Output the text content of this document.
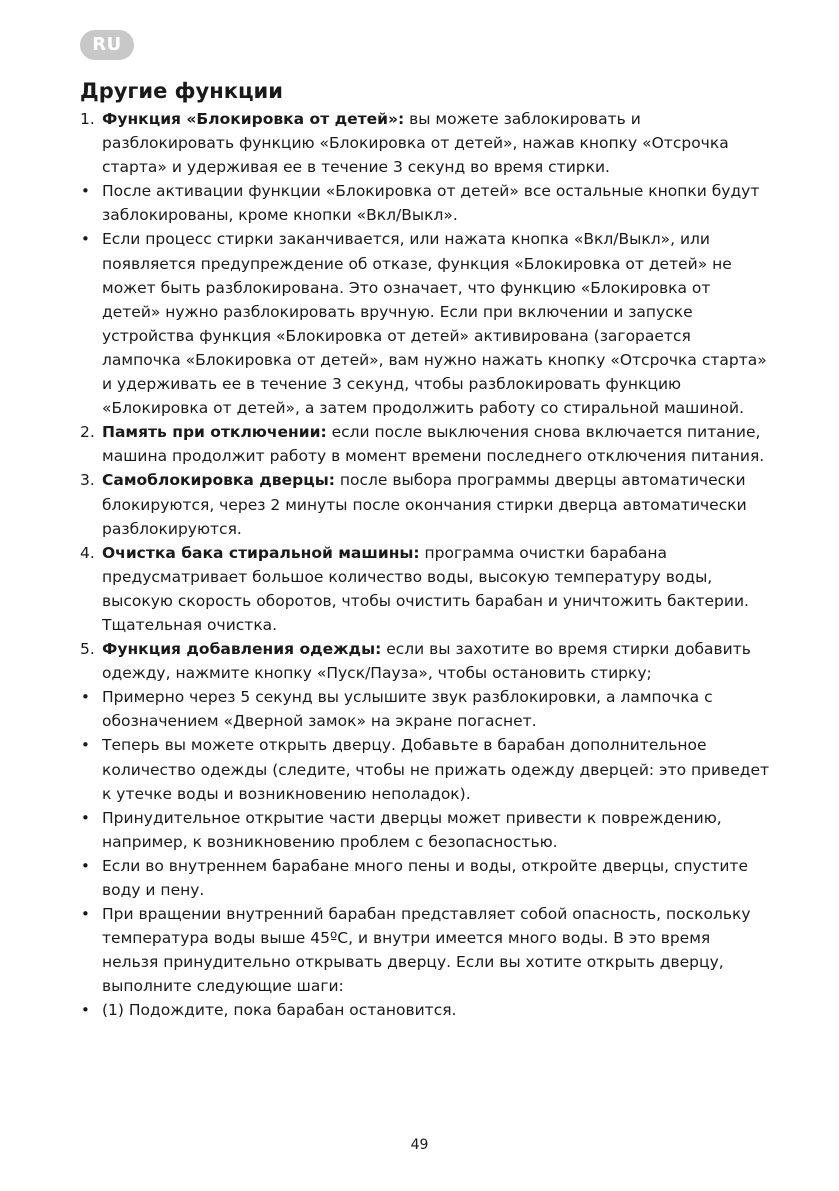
RU
Другие функции

1. Функция «Блокировка от детей»: вы можете заблокировать и разблокировать функцию «Блокировка от детей», нажав кнопку «Отсрочка старта» и удерживая ее в течение 3 секунд во время стирки.

• После активации функции «Блокировка от детей» все остальные кнопки будут заблокированы, кроме кнопки «Вкл/Выкл».

• Если процесс стирки заканчивается, или нажата кнопка «Вкл/Выкл», или появляется предупреждение об отказе, функция «Блокировка от детей» не может быть разблокирована. Это означает, что функцию «Блокировка от детей» нужно разблокировать вручную. Если при включении и запуске устройства функция «Блокировка от детей» активирована (загорается лампочка «Блокировка от детей», вам нужно нажать кнопку «Отсрочка старта» и удерживать ее в течение 3 секунд, чтобы разблокировать функцию «Блокировка от детей», а затем продолжить работу со стиральной машиной.

2. Память при отключении: если после выключения снова включается питание, машина продолжит работу в момент времени последнего отключения питания.

3. Самоблокировка дверцы: после выбора программы дверцы автоматически блокируются, через 2 минуты после окончания стирки дверца автоматически разблокируются.

4. Очистка бака стиральной машины: программа очистки барабана предусматривает большое количество воды, высокую температуру воды, высокую скорость оборотов, чтобы очистить барабан и уничтожить бактерии. Тщательная очистка.

5. Функция добавления одежды: если вы захотите во время стирки добавить одежду, нажмите кнопку «Пуск/Пауза», чтобы остановить стирку;

• Примерно через 5 секунд вы услышите звук разблокировки, а лампочка с обозначением «Дверной замок» на экране погаснет.

• Теперь вы можете открыть дверцу. Добавьте в барабан дополнительное количество одежды (следите, чтобы не прижать одежду дверцей: это приведет к утечке воды и возникновению неполадок).

• Принудительное открытие части дверцы может привести к повреждению, например, к возникновению проблем с безопасностью.

• Если во внутреннем барабане много пены и воды, откройте дверцы, спустите воду и пену.

• При вращении внутренний барабан представляет собой опасность, поскольку температура воды выше 45ºC, и внутри имеется много воды. В это время нельзя принудительно открывать дверцу. Если вы хотите открыть дверцу, выполните следующие шаги:

• (1) Подождите, пока барабан остановится.

49
